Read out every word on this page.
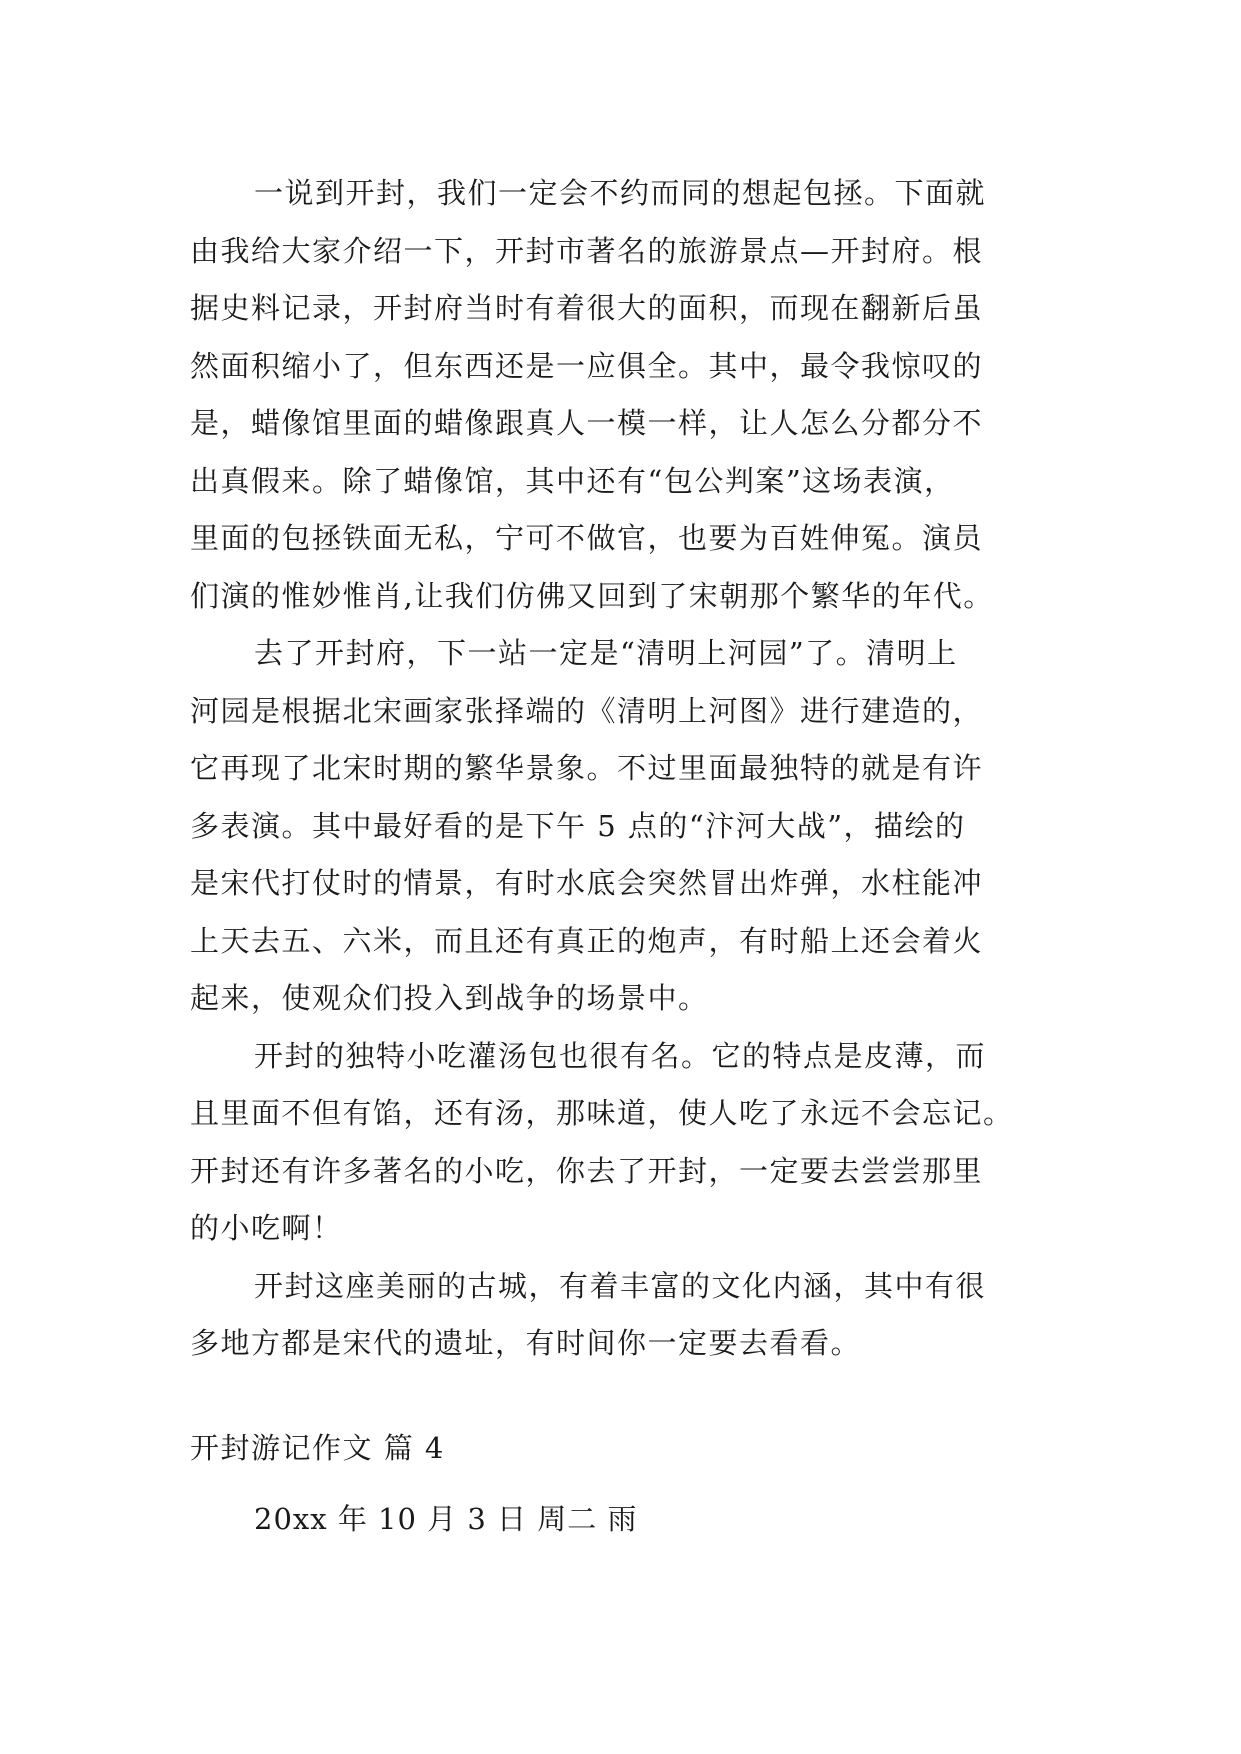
一说到开封，我们一定会不约而同的想起包拯。下面就
由我给大家介绍一下，开封市著名的旅游景点—开封府。根
据史料记录，开封府当时有着很大的面积，而现在翻新后虽
然面积缩小了，但东西还是一应俱全。其中，最令我惊叹的
是，蜡像馆里面的蜡像跟真人一模一样，让人怎么分都分不
出真假来。除了蜡像馆，其中还有“包公判案”这场表演，
里面的包拯铁面无私，宁可不做官，也要为百姓伸冤。演员
们演的惟妙惟肖,让我们仿佛又回到了宋朝那个繁华的年代。

去了开封府，下一站一定是“清明上河园”了。清明上
河园是根据北宋画家张择端的《清明上河图》进行建造的，
它再现了北宋时期的繁华景象。不过里面最独特的就是有许
多表演。其中最好看的是下午 5 点的“汴河大战”，描绘的
是宋代打仗时的情景，有时水底会突然冒出炸弹，水柱能冲
上天去五、六米，而且还有真正的炮声，有时船上还会着火
起来，使观众们投入到战争的场景中。

开封的独特小吃灌汤包也很有名。它的特点是皮薄，而
且里面不但有馅，还有汤，那味道，使人吃了永远不会忘记。
开封还有许多著名的小吃，你去了开封，一定要去尝尝那里
的小吃啊！

开封这座美丽的古城，有着丰富的文化内涵，其中有很
多地方都是宋代的遗址，有时间你一定要去看看。

开封游记作文 篇 4

20xx 年 10 月 3 日 周二 雨
